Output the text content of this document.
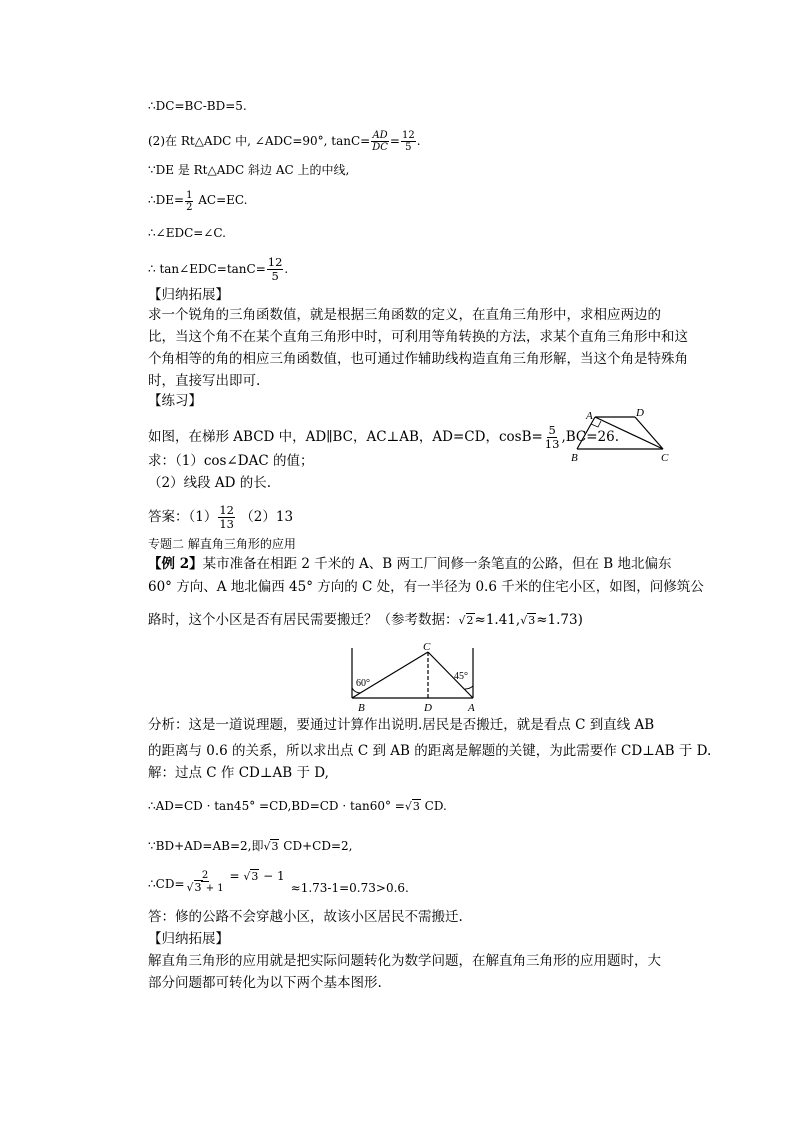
∴DC=BC-BD=5.
(2)在 Rt△ADC 中, ∠ADC=90°, $\tan C= \frac{AD}{DC} = \frac{12}{5}$ .
∵DE 是 Rt△ADC 斜边 AC 上的中线,
∴DE= $\frac{1}{2} AC=EC$.
∴∠EDC=∠C.
∴ tan∠EDC=tanC= $\frac{12}{5}$ .
【归纳拓展】
求一个锐角的三角函数值，就是根据三角函数的定义，在直角三角形中，求相应两边的
比，当这个角不在某个直角三角形中时，可利用等角转换的方法，求某个直角三角形中和这
个角相等的角的相应三角函数值，也可通过作辅助线构造直角三角形解，当这个角是特殊角
时，直接写出即可.
【练习】
如图，在梯形 ABCD 中，AD∥BC，AC⊥AB，AD=CD，$\cos B= \frac{5}{13} ,BC=26$.
求：（1）cos∠DAC 的值；
（2）线段 AD 的长.
答案：$(1) \frac{12}{13} (2)13$
专题二 解直角三角形的应用
【例 2】某市准备在相距 2 千米的 A、B 两工厂间修一条笔直的公路，但在 B 地北偏东
60° 方向、A 地北偏西 45° 方向的 C 处，有一半径为 0.6 千米的住宅小区，如图，问修筑公
路时，这个小区是否有居民需要搬迁？（参考数据：√2≈1.41,√3≈1.73)
分析：这是一道说理题，要通过计算作出说明.居民是否搬迁，就是看点 C 到直线 AB
的距离与 0.6 的关系，所以求出点 C 到 AB 的距离是解题的关键，为此需要作 CD⊥AB 于 D.
解：过点 C 作 CD⊥AB 于 D,
∴AD=CD · tan45° =CD,BD=CD · tan60° =√3 CD.
∵BD+AD=AB=2,即√3 CD+CD=2,
∴CD= $\frac{2}{√3 + 1} = √3 - 1\approx 1.73-1=0.73>0.6$.
答：修的公路不会穿越小区，故该小区居民不需搬迁.
【归纳拓展】
解直角三角形的应用就是把实际问题转化为数学问题，在解直角三角形的应用题时，大
部分问题都可转化为以下两个基本图形.
A	D
B	C
60°
45°
C
B	D	A
